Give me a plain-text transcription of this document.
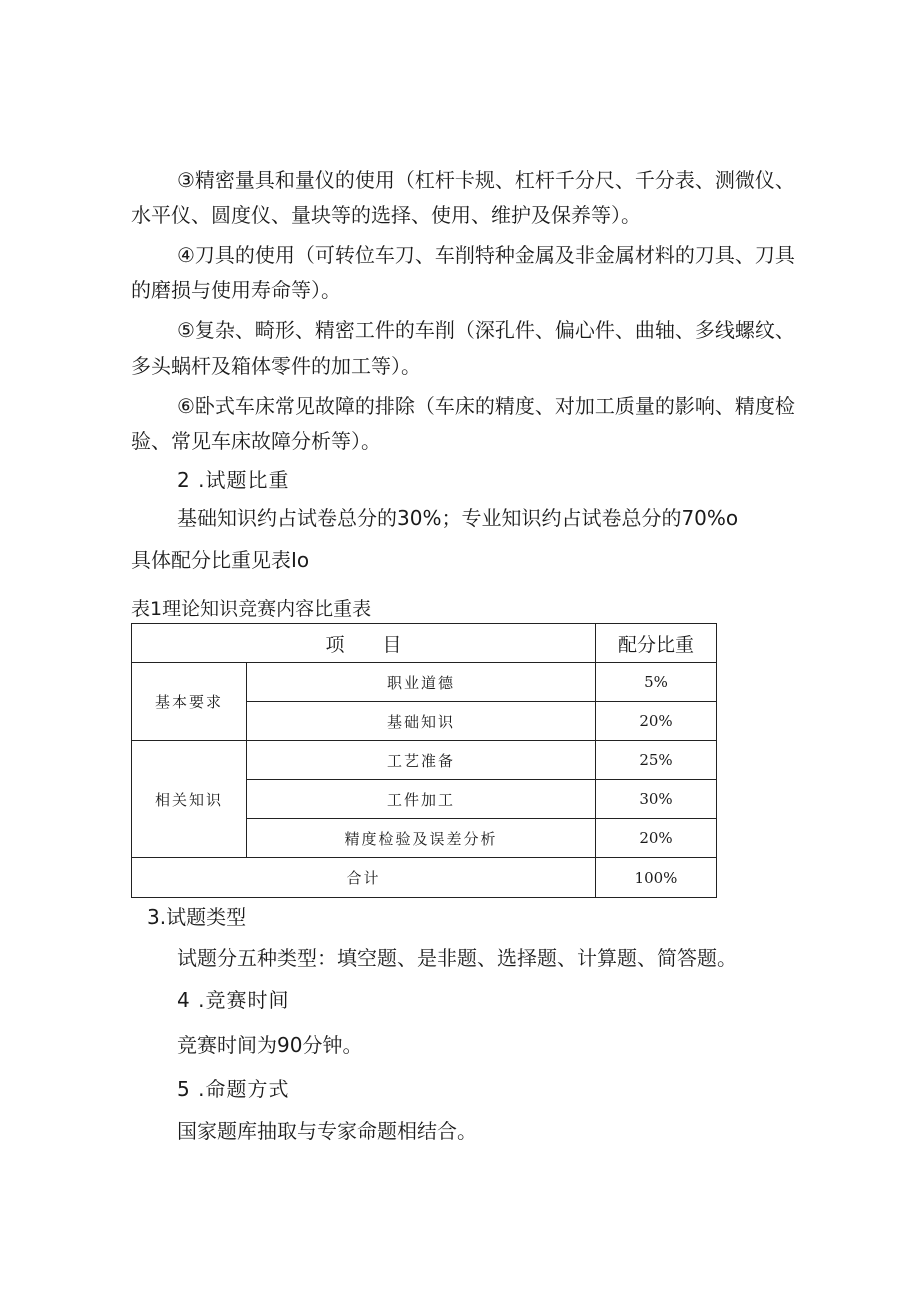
③精密量具和量仪的使用（杠杆卡规、杠杆千分尺、千分表、测微仪、
水平仪、圆度仪、量块等的选择、使用、维护及保养等）。
④刀具的使用（可转位车刀、车削特种金属及非金属材料的刀具、刀具
的磨损与使用寿命等）。
⑤复杂、畸形、精密工件的车削（深孔件、偏心件、曲轴、多线螺纹、
多头蜗杆及箱体零件的加工等）。
⑥卧式车床常见故障的排除（车床的精度、对加工质量的影响、精度检
验、常见车床故障分析等）。
2 .试题比重
基础知识约占试卷总分的30%；专业知识约占试卷总分的70%o
具体配分比重见表Io
表1理论知识竞赛内容比重表
项　　目		配分比重
基本要求	职业道德	5%
	基础知识	20%
相关知识	工艺准备	25%
	工件加工	30%
	精度检验及误差分析	20%
合计		100%
3.试题类型
试题分五种类型：填空题、是非题、选择题、计算题、简答题。
4 .竞赛时间
竞赛时间为90分钟。
5 .命题方式
国家题库抽取与专家命题相结合。
